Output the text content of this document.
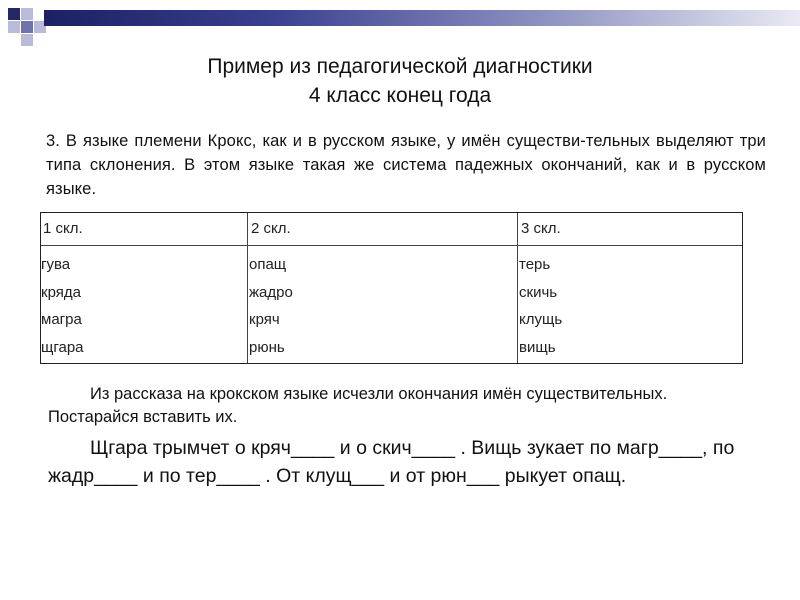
Пример из педагогической диагностики
4 класс конец года
3. В языке племени Крокс, как и в русском языке, у имён существи-тельных выделяют три типа склонения. В этом языке такая же система падежных окончаний, как и в русском языке.
1 скл.	2 скл.	3 скл.
гува
кряда
магра
щгара
опащ
жадро
кряч
рюнь
терь
скичь
клущь
вищь
Из рассказа на крокском языке исчезли окончания имён существительных. Постарайся вставить их.
Щгара трымчет о кряч____ и о скич____ . Вищь зукает по магр____, по жадр____ и по тер____ . От клущ___ и от рюн___ рыкует опащ.
